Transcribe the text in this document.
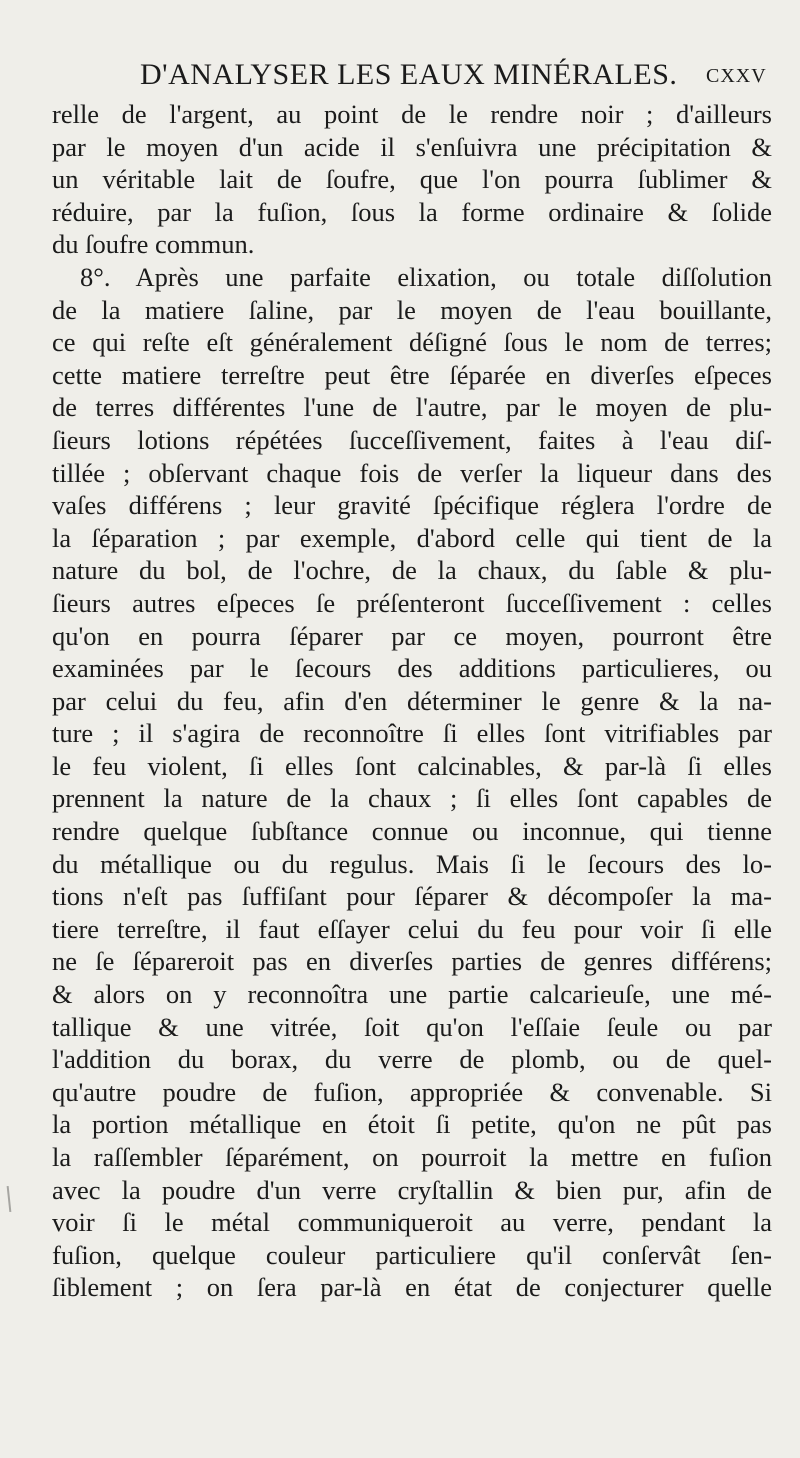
D'ANALYSER LES EAUX MINÉRALES. cxxv
relle de l'argent, au point de le rendre noir ; d'ailleurs
par le moyen d'un acide il s'enſuivra une précipitation &
un véritable lait de ſoufre, que l'on pourra ſublimer &
réduire, par la fuſion, ſous la forme ordinaire & ſolide
du ſoufre commun.
8°. Après une parfaite elixation, ou totale diſſolution
de la matiere ſaline, par le moyen de l'eau bouillante,
ce qui reſte eſt généralement déſigné ſous le nom de terres;
cette matiere terreſtre peut être ſéparée en diverſes eſpeces
de terres différentes l'une de l'autre, par le moyen de plu-
ſieurs lotions répétées ſucceſſivement, faites à l'eau diſ-
tillée ; obſervant chaque fois de verſer la liqueur dans des
vaſes différens ; leur gravité ſpécifique réglera l'ordre de
la ſéparation ; par exemple, d'abord celle qui tient de la
nature du bol, de l'ochre, de la chaux, du ſable & plu-
ſieurs autres eſpeces ſe préſenteront ſucceſſivement : celles
qu'on en pourra ſéparer par ce moyen, pourront être
examinées par le ſecours des additions particulieres, ou
par celui du feu, afin d'en déterminer le genre & la na-
ture ; il s'agira de reconnoître ſi elles ſont vitrifiables par
le feu violent, ſi elles ſont calcinables, & par-là ſi elles
prennent la nature de la chaux ; ſi elles ſont capables de
rendre quelque ſubſtance connue ou inconnue, qui tienne
du métallique ou du regulus. Mais ſi le ſecours des lo-
tions n'eſt pas ſuffiſant pour ſéparer & décompoſer la ma-
tiere terreſtre, il faut eſſayer celui du feu pour voir ſi elle
ne ſe ſépareroit pas en diverſes parties de genres différens;
& alors on y reconnoîtra une partie calcarieuſe, une mé-
tallique & une vitrée, ſoit qu'on l'eſſaie ſeule ou par
l'addition du borax, du verre de plomb, ou de quel-
qu'autre poudre de fuſion, appropriée & convenable. Si
la portion métallique en étoit ſi petite, qu'on ne pût pas
la raſſembler ſéparément, on pourroit la mettre en fuſion
avec la poudre d'un verre cryſtallin & bien pur, afin de
voir ſi le métal communiqueroit au verre, pendant la
fuſion, quelque couleur particuliere qu'il conſervât ſen-
ſiblement ; on ſera par-là en état de conjecturer quelle
